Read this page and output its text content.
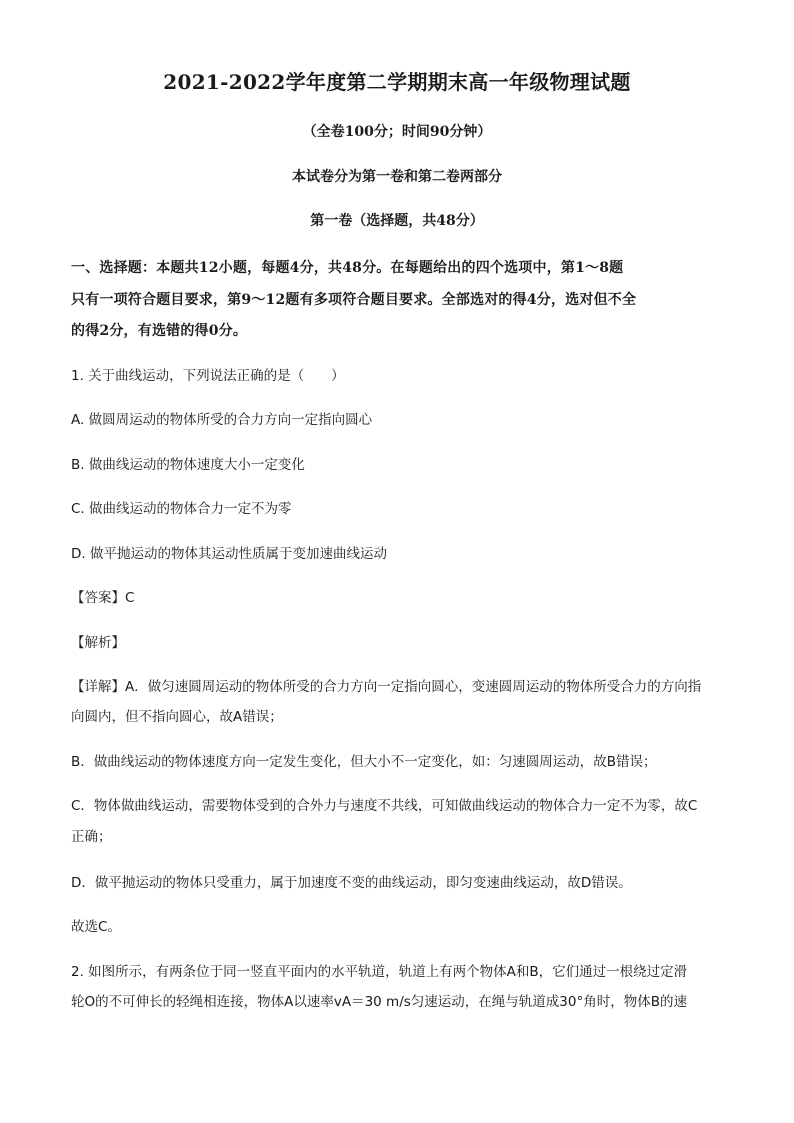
2021-2022学年度第二学期期末高一年级物理试题
（全卷100分；时间90分钟）
本试卷分为第一卷和第二卷两部分
第一卷（选择题，共48分）
一、选择题：本题共12小题，每题4分，共48分。在每题给出的四个选项中，第1～8题
只有一项符合题目要求，第9～12题有多项符合题目要求。全部选对的得4分，选对但不全
的得2分，有选错的得0分。
1. 关于曲线运动，下列说法正确的是（　　）
A. 做圆周运动的物体所受的合力方向一定指向圆心
B. 做曲线运动的物体速度大小一定变化
C. 做曲线运动的物体合力一定不为零
D. 做平抛运动的物体其运动性质属于变加速曲线运动
【答案】C
【解析】
【详解】A．做匀速圆周运动的物体所受的合力方向一定指向圆心，变速圆周运动的物体所受合力的方向指
向圆内，但不指向圆心，故A错误；
B．做曲线运动的物体速度方向一定发生变化，但大小不一定变化，如：匀速圆周运动，故B错误；
C．物体做曲线运动，需要物体受到的合外力与速度不共线，可知做曲线运动的物体合力一定不为零，故C
正确；
D．做平抛运动的物体只受重力，属于加速度不变的曲线运动，即匀变速曲线运动，故D错误。
故选C。
2. 如图所示，有两条位于同一竖直平面内的水平轨道，轨道上有两个物体A和B，它们通过一根绕过定滑
轮O的不可伸长的轻绳相连接，物体A以速率vA＝30 m/s匀速运动，在绳与轨道成30°角时，物体B的速
